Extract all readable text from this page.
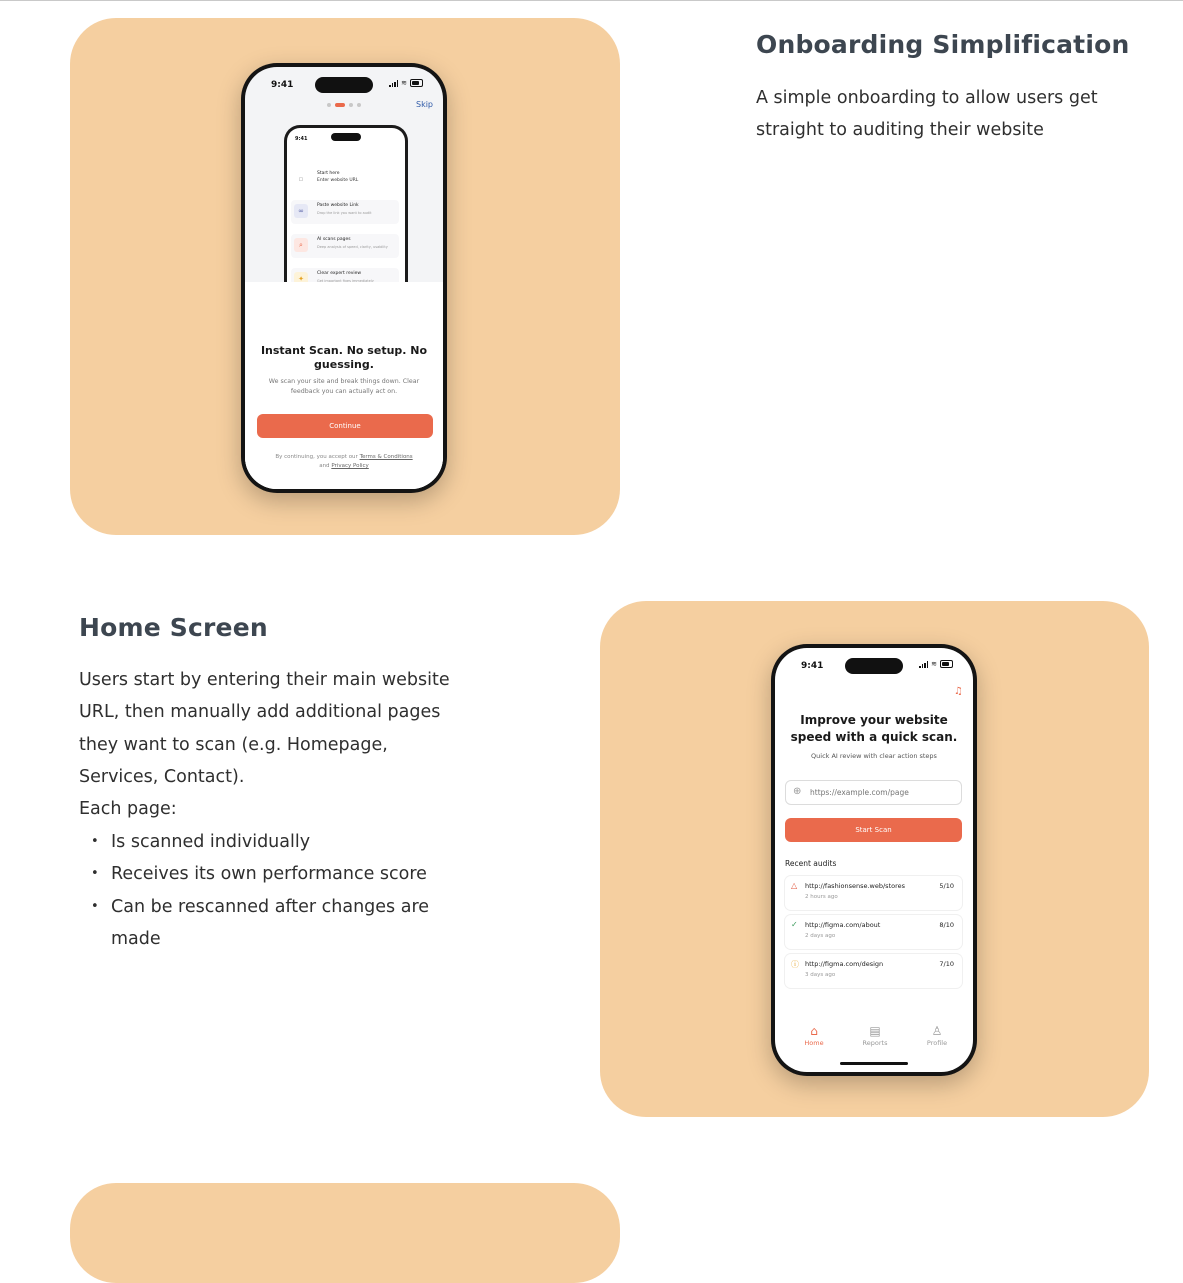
9:41	≋
Skip
9:41
▫
Start here
Enter website URL
∞
Paste website Link
Drop the link you want to audit
⌕
AI scans pages
Deep analysis of speed, clarity, usability
✦
Clear expert review
Get important fixes immediately
Instant Scan. No setup. No guessing.
We scan your site and break things down. Clear feedback you can actually act on.
Continue
By continuing, you accept our Terms & Conditions
and Privacy Policy
Onboarding Simplification

A simple onboarding to allow users get straight to auditing their website

Home Screen

Users start by entering their main website URL, then manually add additional pages they want to scan (e.g. Homepage, Services, Contact).
Each page:

• Is scanned individually
• Receives its own performance score
• Can be rescanned after changes are made
9:41	≋
♫
Improve your website speed with a quick scan.
Quick AI review with clear action steps
https://example.com/page
⊕
Start Scan
Recent audits
△ http://fashionsense.web/stores
2 hours ago
5/10
✓ http://figma.com/about
2 days ago
8/10
ⓘ http://figma.com/design
3 days ago
7/10
⌂
Home
▤
Reports
♙
Profile
